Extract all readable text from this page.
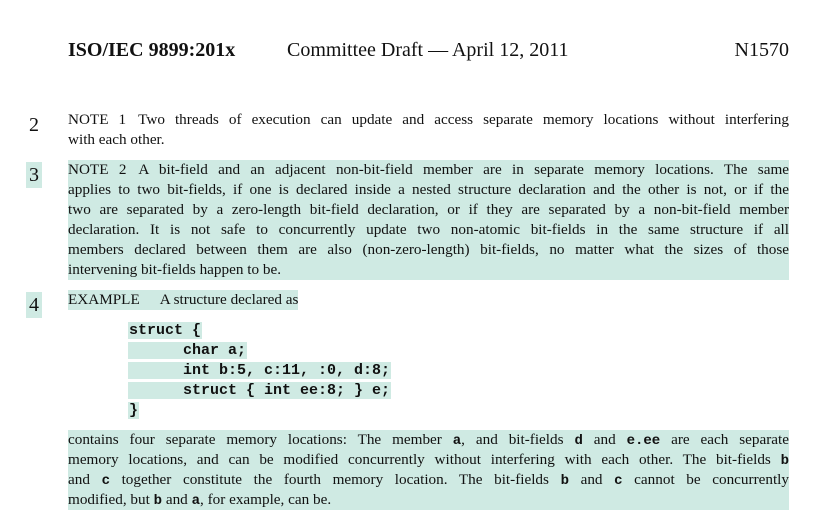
ISO/IEC 9899:201x	Committee Draft — April 12, 2011	N1570
2 NOTE 1 Two threads of execution can update and access separate memory locations without interfering
with each other.
3 NOTE 2 A bit-field and an adjacent non-bit-field member are in separate memory locations. The same
applies to two bit-fields, if one is declared inside a nested structure declaration and the other is not, or if the
two are separated by a zero-length bit-field declaration, or if they are separated by a non-bit-field member
declaration. It is not safe to concurrently update two non-atomic bit-fields in the same structure if all
members declared between them are also (non-zero-length) bit-fields, no matter what the sizes of those
intervening bit-fields happen to be.
4 EXAMPLE A structure declared as
struct {
char a;
int b:5, c:11, :0, d:8;
struct { int ee:8; } e;
}
contains four separate memory locations: The member a, and bit-fields d and e.ee are each separate
memory locations, and can be modified concurrently without interfering with each other. The bit-fields b
and c together constitute the fourth memory location. The bit-fields b and c cannot be concurrently
modified, but b and a, for example, can be.
